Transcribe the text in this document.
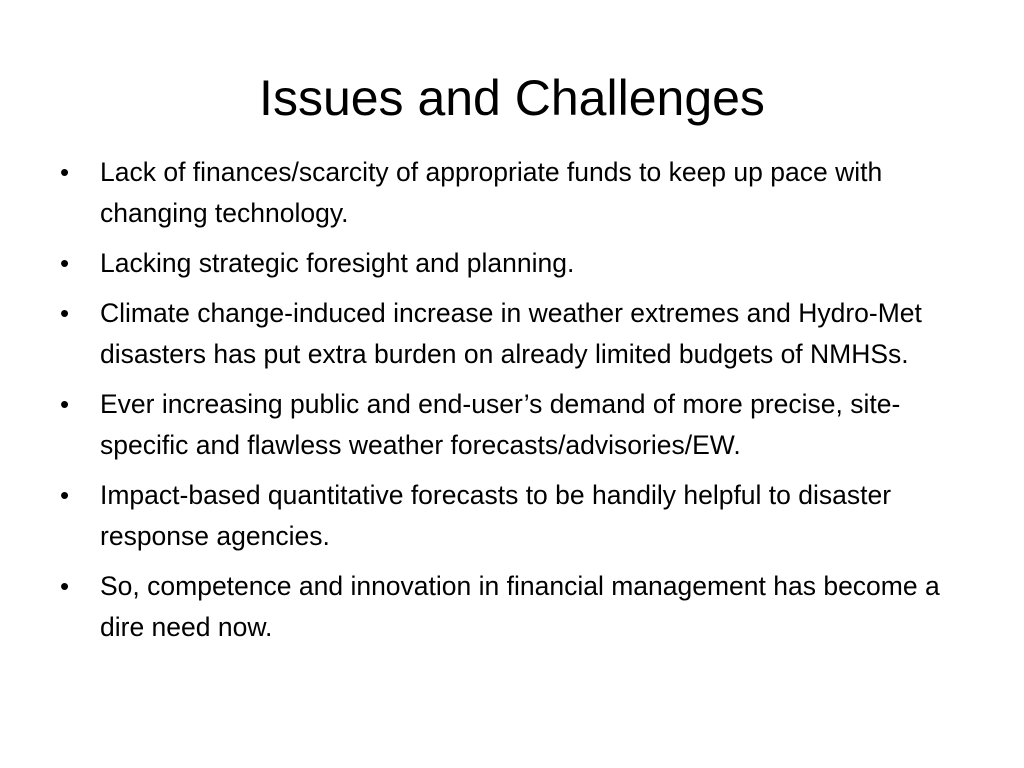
Issues and Challenges
• Lack of finances/scarcity of appropriate funds to keep up pace with changing technology.
• Lacking strategic foresight and planning.
• Climate change-induced increase in weather extremes and Hydro-Met disasters has put extra burden on already limited budgets of NMHSs.
• Ever increasing public and end-user’s demand of more precise, site-specific and flawless weather forecasts/advisories/EW.
• Impact-based quantitative forecasts to be handily helpful to disaster response agencies.
• So, competence and innovation in financial management has become a dire need now.
